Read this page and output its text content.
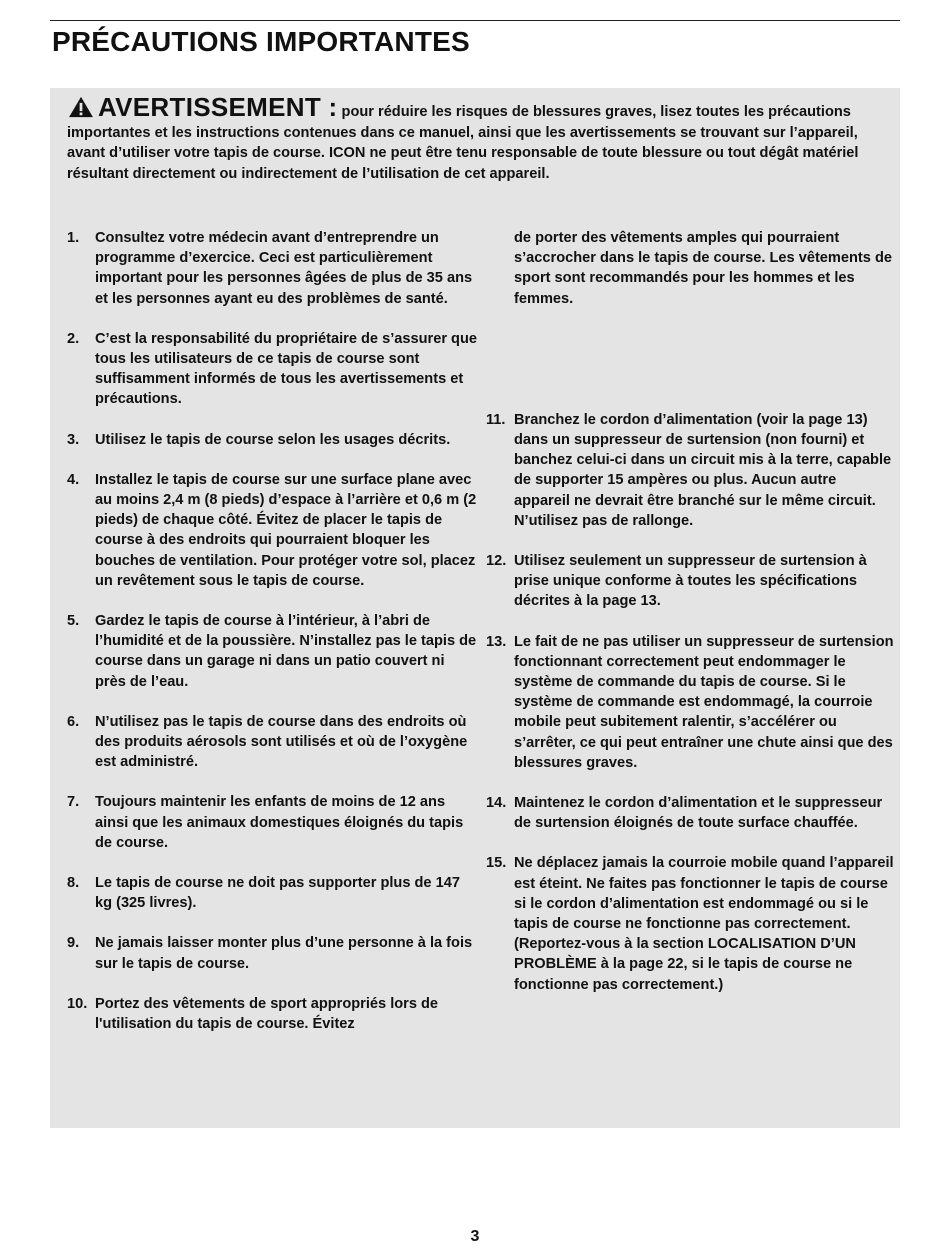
PRÉCAUTIONS IMPORTANTES

AVERTISSEMENT : pour réduire les risques de blessures graves, lisez toutes les précautions importantes et les instructions contenues dans ce manuel, ainsi que les avertissements se trouvant sur l’appareil, avant d’utiliser votre tapis de course. ICON ne peut être tenu responsable de toute blessure ou tout dégât matériel résultant directement ou indirectement de l’utilisation de cet appareil.

1. Consultez votre médecin avant d’entreprendre un programme d’exercice. Ceci est particulièrement important pour les personnes âgées de plus de 35 ans et les personnes ayant eu des problèmes de santé.
2. C’est la responsabilité du propriétaire de s’assurer que tous les utilisateurs de ce tapis de course sont suffisamment informés de tous les avertissements et précautions.
3. Utilisez le tapis de course selon les usages décrits.
4. Installez le tapis de course sur une surface plane avec au moins 2,4 m (8 pieds) d’espace à l’arrière et 0,6 m (2 pieds) de chaque côté. Évitez de placer le tapis de course à des endroits qui pourraient bloquer les bouches de ventilation. Pour protéger votre sol, placez un revêtement sous le tapis de course.
5. Gardez le tapis de course à l’intérieur, à l’abri de l’humidité et de la poussière. N’installez pas le tapis de course dans un garage ni dans un patio couvert ni près de l’eau.
6. N’utilisez pas le tapis de course dans des endroits où des produits aérosols sont utilisés et où de l’oxygène est administré.
7. Toujours maintenir les enfants de moins de 12 ans ainsi que les animaux domestiques éloignés du tapis de course.
8. Le tapis de course ne doit pas supporter plus de 147 kg (325 livres).
9. Ne jamais laisser monter plus d’une personne à la fois sur le tapis de course.
10. Portez des vêtements de sport appropriés lors de l'utilisation du tapis de course. Évitez

de porter des vêtements amples qui pourraient s’accrocher dans le tapis de course. Les vêtements de sport sont recommandés pour les hommes et les femmes.

11. Branchez le cordon d’alimentation (voir la page 13) dans un suppresseur de surtension (non fourni) et banchez celui-ci dans un circuit mis à la terre, capable de supporter 15 ampères ou plus. Aucun autre appareil ne devrait être branché sur le même circuit. N’utilisez pas de rallonge.
12. Utilisez seulement un suppresseur de surtension à prise unique conforme à toutes les spécifications décrites à la page 13.
13. Le fait de ne pas utiliser un suppresseur de surtension fonctionnant correctement peut endommager le système de commande du tapis de course. Si le système de commande est endommagé, la courroie mobile peut subitement ralentir, s’accélérer ou s’arrêter, ce qui peut entraîner une chute ainsi que des blessures graves.
14. Maintenez le cordon d’alimentation et le suppresseur de surtension éloignés de toute surface chauffée.
15. Ne déplacez jamais la courroie mobile quand l’appareil est éteint. Ne faites pas fonctionner le tapis de course si le cordon d’alimentation est endommagé ou si le tapis de course ne fonctionne pas correctement. (Reportez-vous à la section LOCALISATION D’UN PROBLÈME à la page 22, si le tapis de course ne fonctionne pas correctement.)
3
